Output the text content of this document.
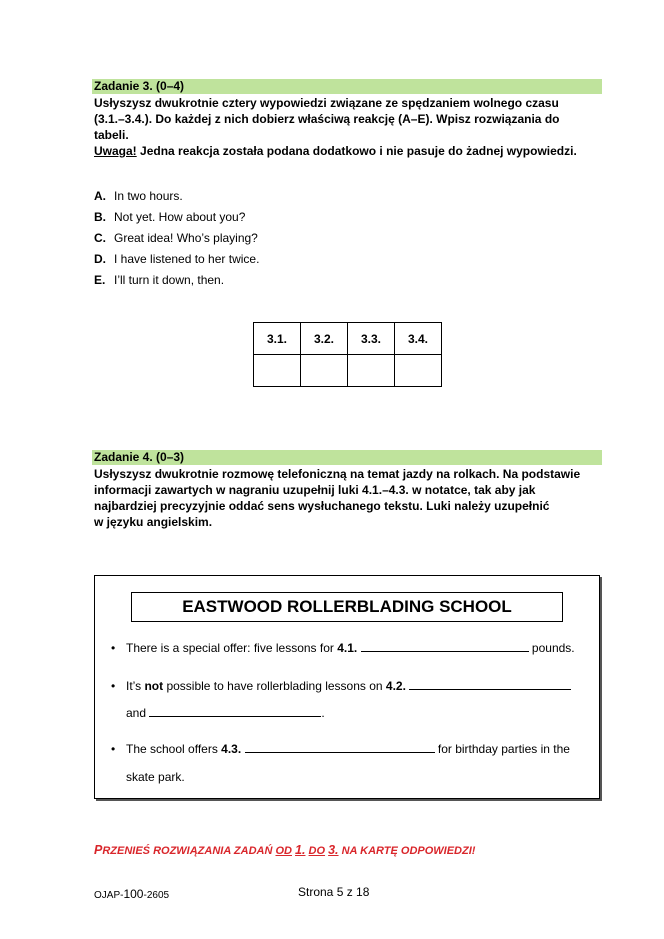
Zadanie 3. (0–4)

Usłyszysz dwukrotnie cztery wypowiedzi związane ze spędzaniem wolnego czasu

(3.1.–3.4.). Do każdej z nich dobierz właściwą reakcję (A–E). Wpisz rozwiązania do

tabeli.

Uwaga! Jedna reakcja została podana dodatkowo i nie pasuje do żadnej wypowiedzi.

A. In two hours.
B. Not yet. How about you?
C. Great idea! Who’s playing?
D. I have listened to her twice.
E. I’ll turn it down, then.
3.1.	3.2.	3.3.	3.4.

Zadanie 4. (0–3)

Usłyszysz dwukrotnie rozmowę telefoniczną na temat jazdy na rolkach. Na podstawie

informacji zawartych w nagraniu uzupełnij luki 4.1.–4.3. w notatce, tak aby jak

najbardziej precyzyjnie oddać sens wysłuchanego tekstu. Luki należy uzupełnić

w języku angielskim.

EASTWOOD ROLLERBLADING SCHOOL
• There is a special offer: five lessons for 4.1.	pounds.
• It’s not possible to have rollerblading lessons on 4.2.
and	.
• The school offers 4.3.	for birthday parties in the
skate park.
PRZENIEŚ ROZWIĄZANIA ZADAŃ OD 1. DO 3. NA KARTĘ ODPOWIEDZI!
OJAP-100-2605	Strona 5 z 18
